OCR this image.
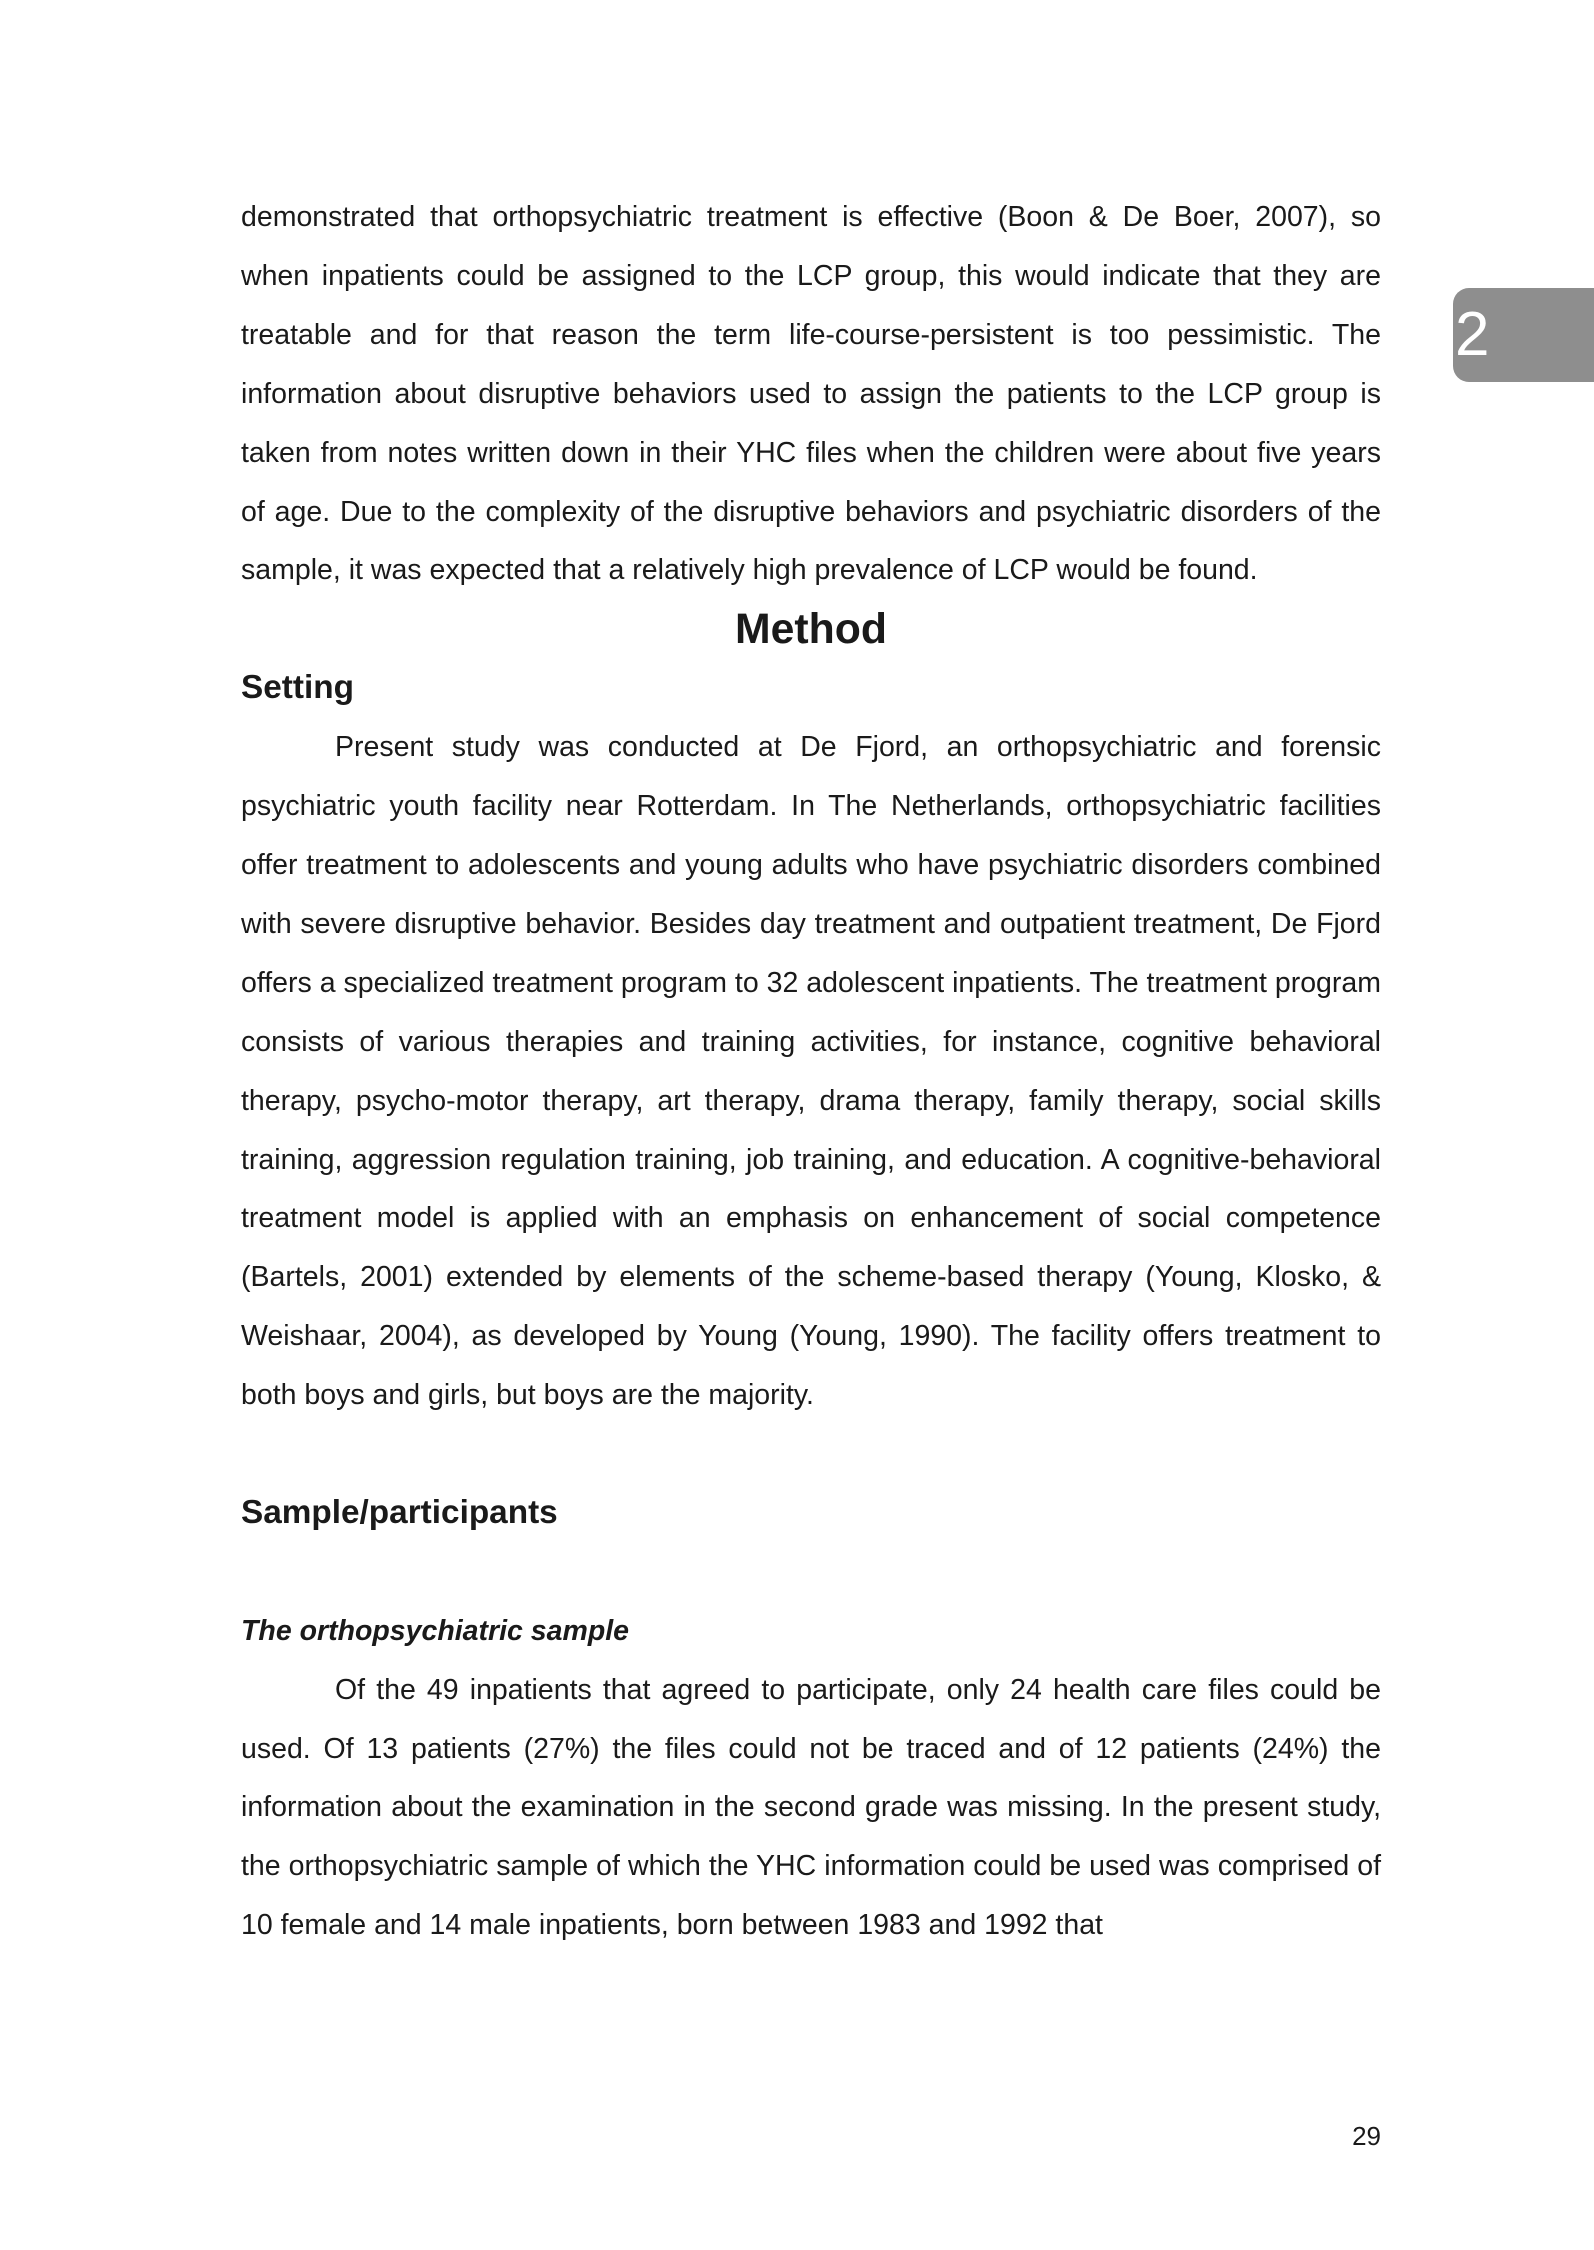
2

demonstrated that orthopsychiatric treatment is effective (Boon & De Boer, 2007), so when inpatients could be assigned to the LCP group, this would indicate that they are treatable and for that reason the term life-course-persistent is too pessimistic. The information about disruptive behaviors used to assign the patients to the LCP group is taken from notes written down in their YHC files when the children were about five years of age. Due to the complexity of the disruptive behaviors and psychiatric disorders of the sample, it was expected that a relatively high prevalence of LCP would be found.

Method
Setting

Present study was conducted at De Fjord, an orthopsychiatric and forensic psychiatric youth facility near Rotterdam. In The Netherlands, orthopsychiatric facilities offer treatment to adolescents and young adults who have psychiatric disorders combined with severe disruptive behavior. Besides day treatment and outpatient treatment, De Fjord offers a specialized treatment program to 32 adolescent inpatients. The treatment program consists of various therapies and training activities, for instance, cognitive behavioral therapy, psycho-motor therapy, art therapy, drama therapy, family therapy, social skills training, aggression regulation training, job training, and education. A cognitive-behavioral treatment model is applied with an emphasis on enhancement of social competence (Bartels, 2001) extended by elements of the scheme-based therapy (Young, Klosko, & Weishaar, 2004), as developed by Young (Young, 1990). The facility offers treatment to both boys and girls, but boys are the majority.

Sample/participants
The orthopsychiatric sample

Of the 49 inpatients that agreed to participate, only 24 health care files could be used. Of 13 patients (27%) the files could not be traced and of 12 patients (24%) the information about the examination in the second grade was missing. In the present study, the orthopsychiatric sample of which the YHC information could be used was comprised of 10 female and 14 male inpatients, born between 1983 and 1992 that

29
